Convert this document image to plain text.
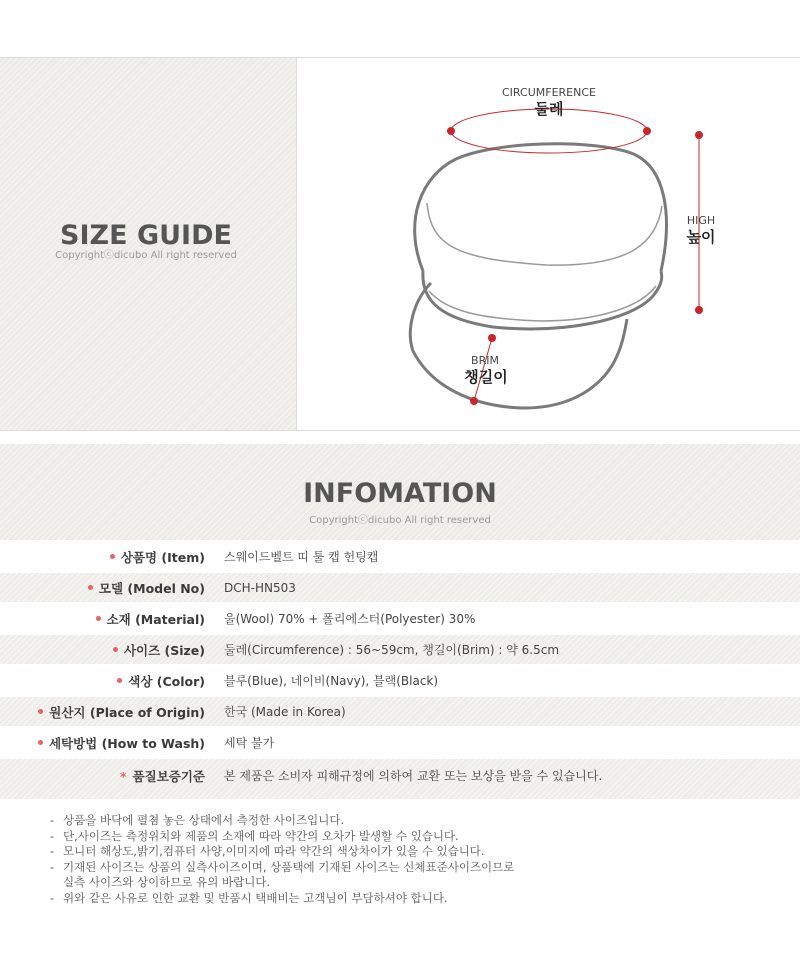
SIZE GUIDE
Copyrightⓒdicubo All right reserved
CIRCUMFERENCE
둘레
HIGH
높이
BRIM
챙길이
INFOMATION
Copyrightⓒdicubo All right reserved
상품명 (Item) 스웨이드벨트 띠 툴 캡 헌팅캡
모델 (Model No) DCH-HN503
소재 (Material) 울(Wool) 70% + 폴리에스터(Polyester) 30%
사이즈 (Size) 둘레(Circumference) : 56~59cm, 챙길이(Brim) : 약 6.5cm
색상 (Color) 블루(Blue), 네이비(Navy), 블랙(Black)
원산지 (Place of Origin) 한국 (Made in Korea)
세탁방법 (How to Wash) 세탁 불가
* 품질보증기준 본 제품은 소비자 피해규정에 의하여 교환 또는 보상을 받을 수 있습니다.
- 상품을 바닥에 펼쳠 놓은 상태에서 측정한 사이즈입니다.
- 단,사이즈는 측정위치와 제품의 소재에 따라 약간의 오차가 발생할 수 있습니다.
- 모니터 해상도,밝기,컴퓨터 사양,이미지에 따라 약간의 색상차이가 있을 수 있습니다.
- 기재된 사이즈는 상품의 실측사이즈이며, 상품택에 기재된 사이즈는 신체표준사이즈이므로
실측 사이즈와 상이하므로 유의 바랍니다.
- 위와 같은 사유로 인한 교환 및 반품시 택배비는 고객님이 부담하셔야 합니다.
